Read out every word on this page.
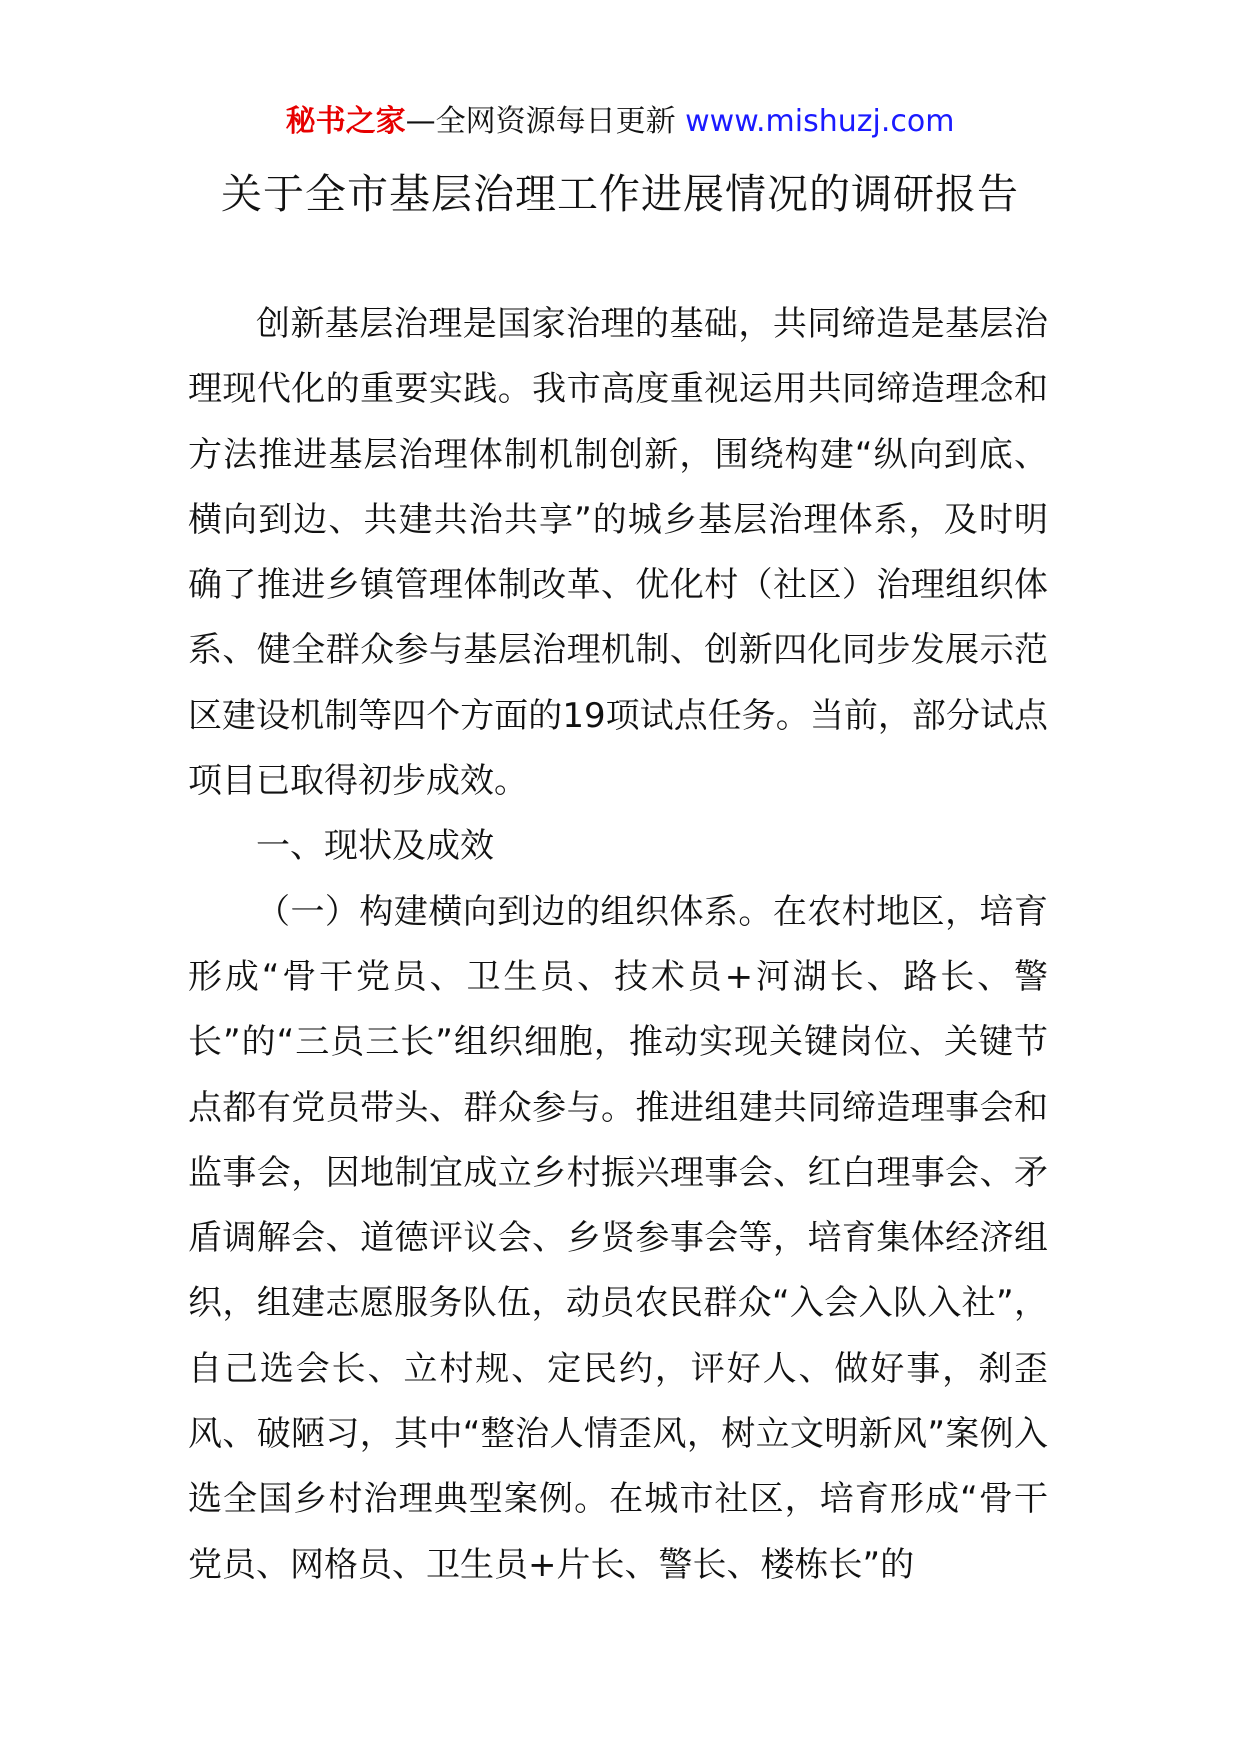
秘书之家—全网资源每日更新 www.mishuzj.com
关于全市基层治理工作进展情况的调研报告

创新基层治理是国家治理的基础，共同缔造是基层治理现代化的重要实践。我市高度重视运用共同缔造理念和方法推进基层治理体制机制创新，围绕构建“纵向到底、横向到边、共建共治共享”的城乡基层治理体系，及时明确了推进乡镇管理体制改革、优化村（社区）治理组织体系、健全群众参与基层治理机制、创新四化同步发展示范区建设机制等四个方面的19项试点任务。当前，部分试点项目已取得初步成效。

一、现状及成效

（一）构建横向到边的组织体系。在农村地区，培育形成“骨干党员、卫生员、技术员+河湖长、路长、警长”的“三员三长”组织细胞，推动实现关键岗位、关键节点都有党员带头、群众参与。推进组建共同缔造理事会和监事会，因地制宜成立乡村振兴理事会、红白理事会、矛盾调解会、道德评议会、乡贤参事会等，培育集体经济组织，组建志愿服务队伍，动员农民群众“入会入队入社”，自己选会长、立村规、定民约，评好人、做好事，刹歪风、破陋习，其中“整治人情歪风，树立文明新风”案例入选全国乡村治理典型案例。在城市社区，培育形成“骨干党员、网格员、卫生员+片长、警长、楼栋长”的
